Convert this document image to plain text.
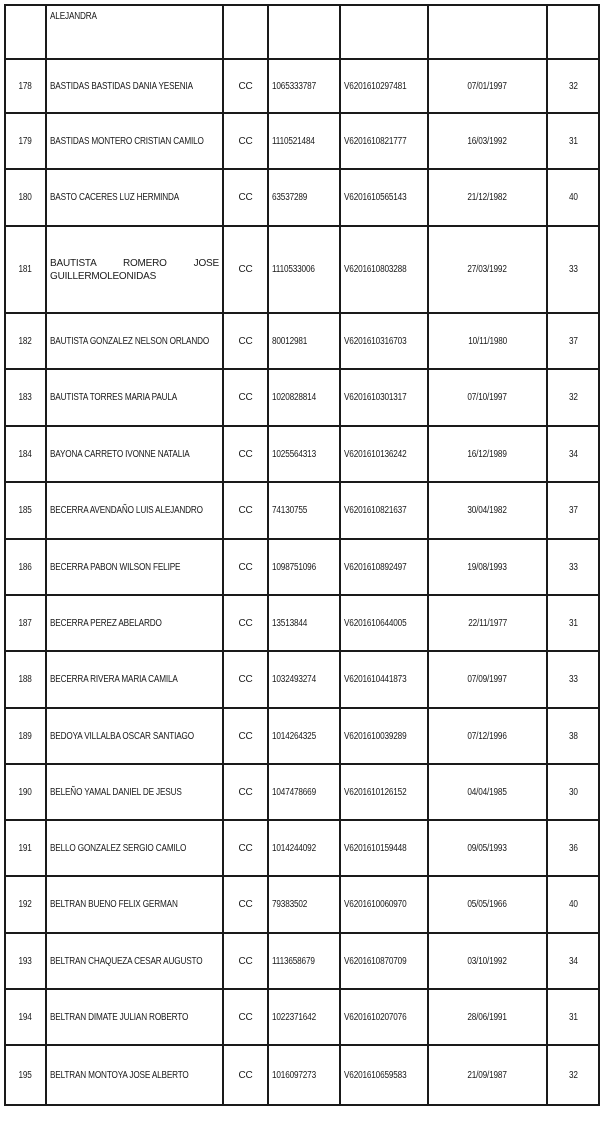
	ALEJANDRA					
178	BASTIDAS BASTIDAS DANIA YESENIA	CC	1065333787	V6201610297481	07/01/1997	32
179	BASTIDAS MONTERO CRISTIAN CAMILO	CC	1110521484	V6201610821777	16/03/1992	31
180	BASTO CACERES LUZ HERMINDA	CC	63537289	V6201610565143	21/12/1982	40
181	BAUTISTA ROMERO JOSE GUILLERMOLEONIDAS	CC	1110533006	V6201610803288	27/03/1992	33
182	BAUTISTA GONZALEZ NELSON ORLANDO	CC	80012981	V6201610316703	10/11/1980	37
183	BAUTISTA TORRES MARIA PAULA	CC	1020828814	V6201610301317	07/10/1997	32
184	BAYONA CARRETO IVONNE NATALIA	CC	1025564313	V6201610136242	16/12/1989	34
185	BECERRA AVENDAÑO LUIS ALEJANDRO	CC	74130755	V6201610821637	30/04/1982	37
186	BECERRA PABON WILSON FELIPE	CC	1098751096	V6201610892497	19/08/1993	33
187	BECERRA PEREZ ABELARDO	CC	13513844	V6201610644005	22/11/1977	31
188	BECERRA RIVERA MARIA CAMILA	CC	1032493274	V6201610441873	07/09/1997	33
189	BEDOYA VILLALBA OSCAR SANTIAGO	CC	1014264325	V6201610039289	07/12/1996	38
190	BELEÑO YAMAL DANIEL DE JESUS	CC	1047478669	V6201610126152	04/04/1985	30
191	BELLO GONZALEZ SERGIO CAMILO	CC	1014244092	V6201610159448	09/05/1993	36
192	BELTRAN BUENO FELIX GERMAN	CC	79383502	V6201610060970	05/05/1966	40
193	BELTRAN CHAQUEZA CESAR AUGUSTO	CC	1113658679	V6201610870709	03/10/1992	34
194	BELTRAN DIMATE JULIAN ROBERTO	CC	1022371642	V6201610207076	28/06/1991	31
195	BELTRAN MONTOYA JOSE ALBERTO	CC	1016097273	V6201610659583	21/09/1987	32
